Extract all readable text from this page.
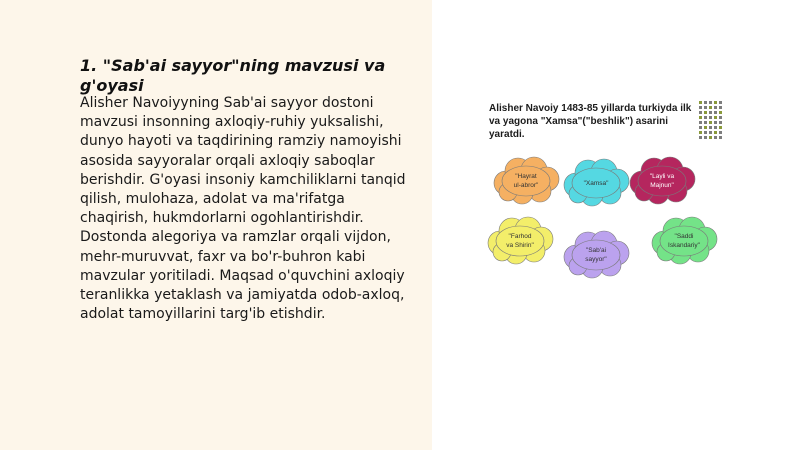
1. "Sab'ai sayyor"ning mavzusi va g'oyasi

Alisher Navoiyyning Sab'ai sayyor dostoni mavzusi insonning axloqiy-ruhiy yuksalishi, dunyo hayoti va taqdirining ramziy namoyishi asosida sayyoralar orqali axloqiy saboqlar berishdir. G'oyasi insoniy kamchiliklarni tanqid qilish, mulohaza, adolat va ma'rifatga chaqirish, hukmdorlarni ogohlantirishdir. Dostonda alegoriya va ramzlar orqali vijdon, mehr-muruvvat, faxr va bo'r-buhron kabi mavzular yoritiladi. Maqsad o'quvchini axloqiy teranlikka yetaklash va jamiyatda odob-axloq, adolat tamoyillarini targ'ib etishdir.

Alisher Navoiy 1483-85 yillarda turkiyda ilk va yagona "Xamsa"("beshlik") asarini yaratdi.

"Hayrat
ul-abror"	"Xamsa"
"Layli va
Majnun"
"Farhod
va Shirin"
"Sab'ai
sayyor"
"Saddi
Iskandariy"
